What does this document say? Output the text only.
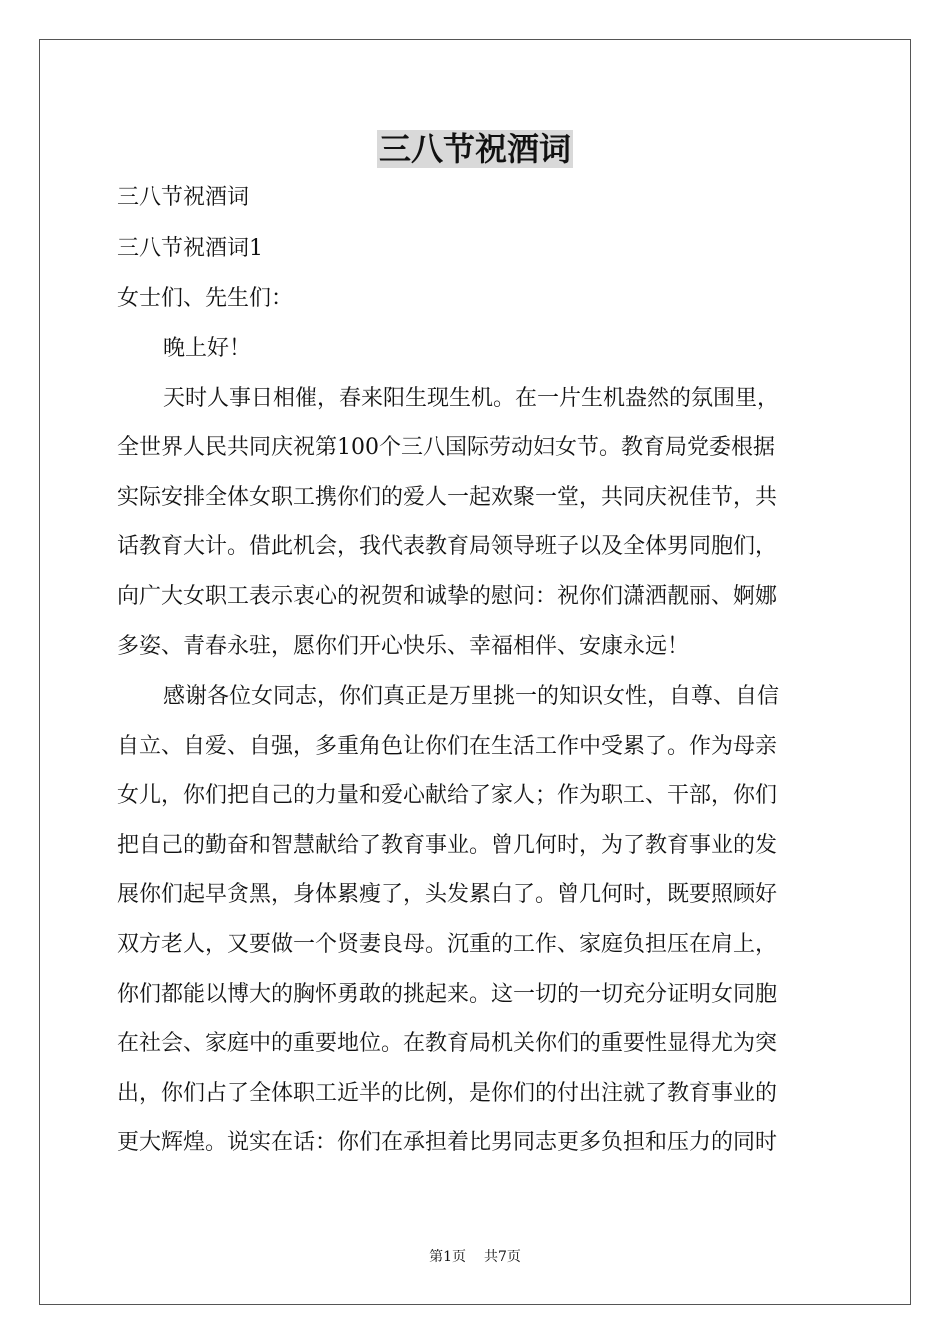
三八节祝酒词
三八节祝酒词
三八节祝酒词1
女士们、先生们：
晚上好！
天时人事日相催，春来阳生现生机。在一片生机盎然的氛围里，
全世界人民共同庆祝第100个三八国际劳动妇女节。教育局党委根据
实际安排全体女职工携你们的爱人一起欢聚一堂，共同庆祝佳节，共
话教育大计。借此机会，我代表教育局领导班子以及全体男同胞们，
向广大女职工表示衷心的祝贺和诚挚的慰问：祝你们潇洒靓丽、婀娜
多姿、青春永驻，愿你们开心快乐、幸福相伴、安康永远！
感谢各位女同志，你们真正是万里挑一的知识女性，自尊、自信
自立、自爱、自强，多重角色让你们在生活工作中受累了。作为母亲
女儿，你们把自己的力量和爱心献给了家人；作为职工、干部，你们
把自己的勤奋和智慧献给了教育事业。曾几何时，为了教育事业的发
展你们起早贪黑，身体累瘦了，头发累白了。曾几何时，既要照顾好
双方老人，又要做一个贤妻良母。沉重的工作、家庭负担压在肩上，
你们都能以博大的胸怀勇敢的挑起来。这一切的一切充分证明女同胞
在社会、家庭中的重要地位。在教育局机关你们的重要性显得尤为突
出，你们占了全体职工近半的比例，是你们的付出注就了教育事业的
更大辉煌。说实在话：你们在承担着比男同志更多负担和压力的同时
第1页 共7页
